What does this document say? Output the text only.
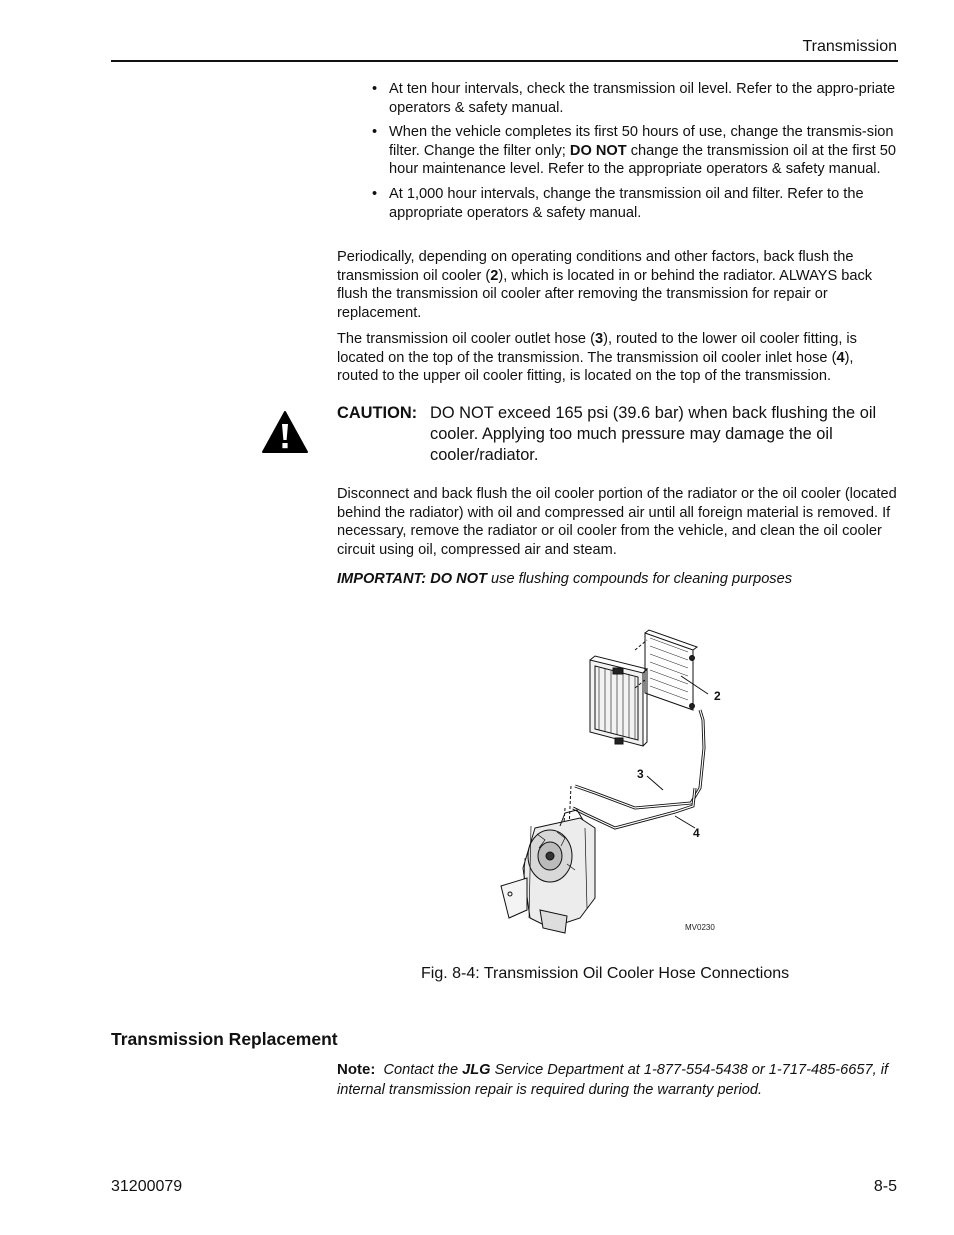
Transmission
• At ten hour intervals, check the transmission oil level. Refer to the appro-priate operators & safety manual.
• When the vehicle completes its first 50 hours of use, change the transmis-sion filter. Change the filter only; DO NOT change the transmission oil at the first 50 hour maintenance level. Refer to the appropriate operators & safety manual.
• At 1,000 hour intervals, change the transmission oil and filter. Refer to the appropriate operators & safety manual.
Periodically, depending on operating conditions and other factors, back flush the transmission oil cooler (2), which is located in or behind the radiator. ALWAYS back flush the transmission oil cooler after removing the transmission for repair or replacement.
The transmission oil cooler outlet hose (3), routed to the lower oil cooler fitting, is located on the top of the transmission. The transmission oil cooler inlet hose (4), routed to the upper oil cooler fitting, is located on the top of the transmission.
CAUTION: DO NOT exceed 165 psi (39.6 bar) when back flushing the oil cooler. Applying too much pressure may damage the oil cooler/radiator.
Disconnect and back flush the oil cooler portion of the radiator or the oil cooler (located behind the radiator) with oil and compressed air until all foreign material is removed. If necessary, remove the radiator or oil cooler from the vehicle, and clean the oil cooler circuit using oil, compressed air and steam.
IMPORTANT: DO NOT use flushing compounds for cleaning purposes
2
3
4
MV0230
Fig. 8-4: Transmission Oil Cooler Hose Connections
Transmission Replacement
Note: Contact the JLG Service Department at 1-877-554-5438 or 1-717-485-6657, if internal transmission repair is required during the warranty period.
31200079	8-5
